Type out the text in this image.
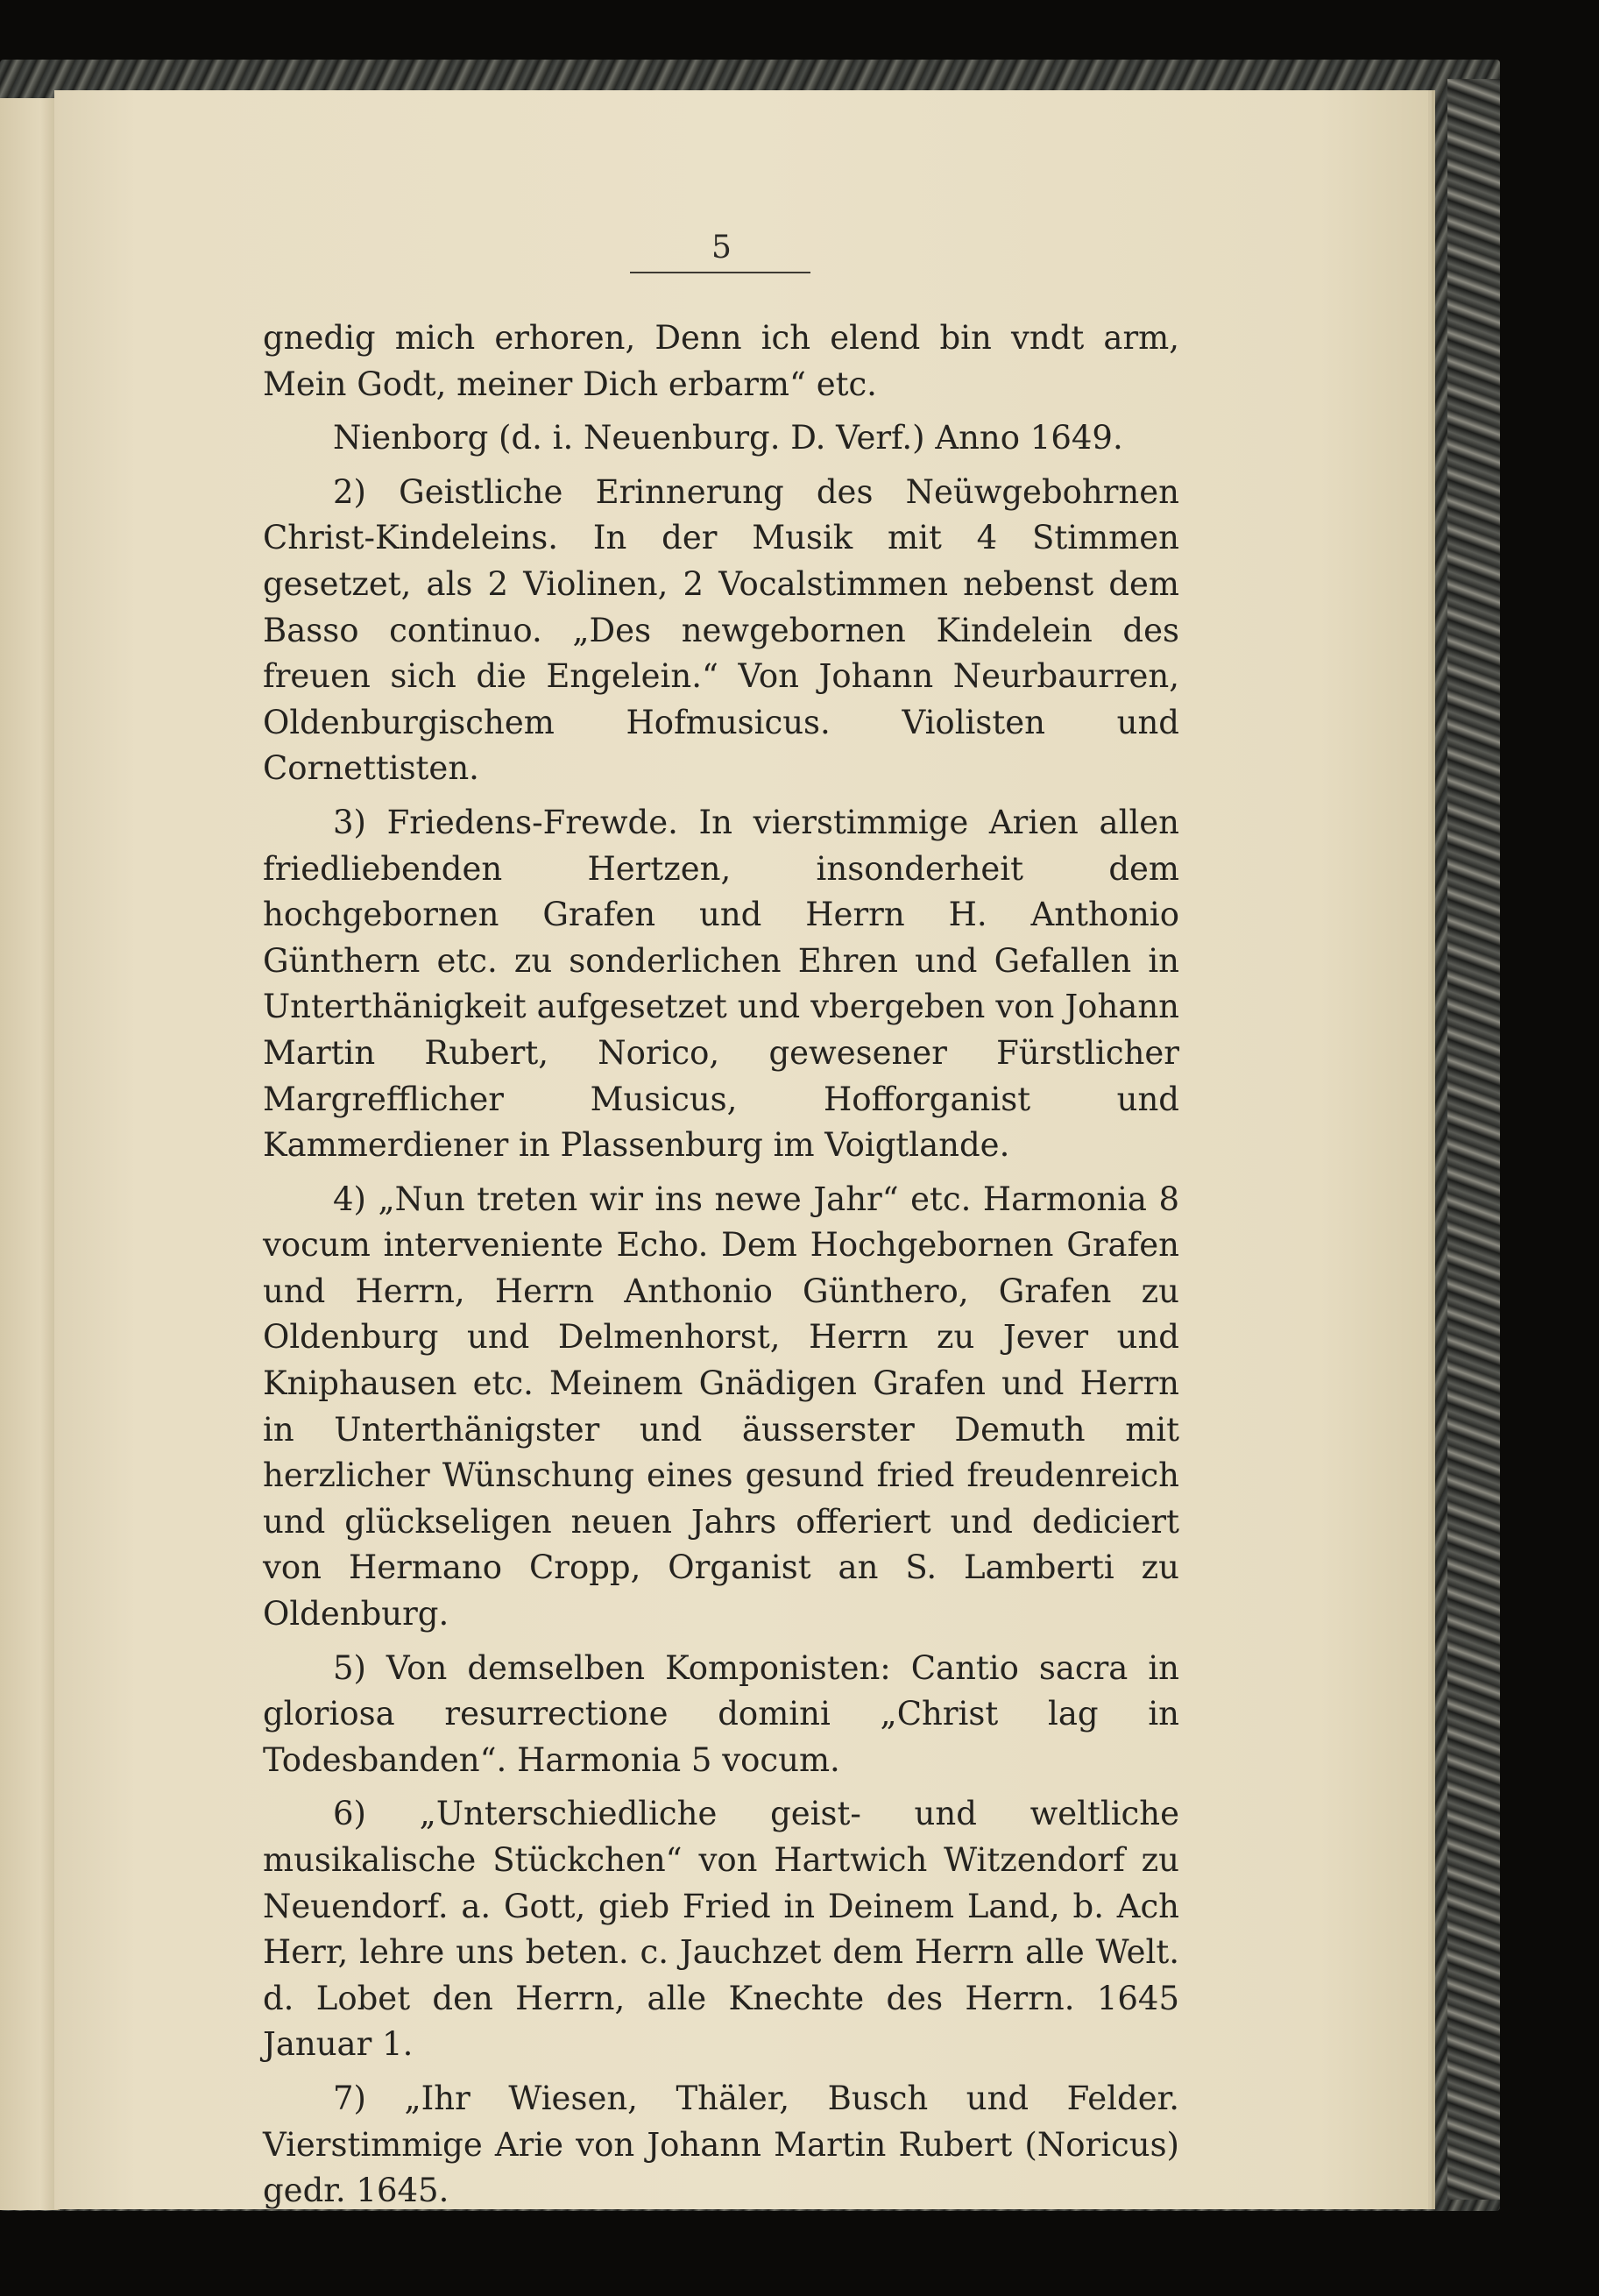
5

gnedig mich erhoren, Denn ich elend bin vndt arm, Mein Godt, meiner Dich erbarm“ etc.

Nienborg (d. i. Neuenburg. D. Verf.) Anno 1649.

2) Geistliche Erinnerung des Neüwgebohrnen Christ-Kindeleins. In der Musik mit 4 Stimmen gesetzet, als 2 Violinen, 2 Vocalstimmen nebenst dem Basso continuo. „Des newgebornen Kindelein des freuen sich die Engelein.“ Von Johann Neurbaurren, Oldenburgischem Hofmusicus. Violisten und Cornettisten.

3) Friedens-Frewde. In vierstimmige Arien allen friedliebenden Hertzen, insonderheit dem hochgebornen Grafen und Herrn H. Anthonio Günthern etc. zu sonderlichen Ehren und Gefallen in Unterthänigkeit aufgesetzet und vbergeben von Johann Martin Rubert, Norico, gewesener Fürstlicher Margrefflicher Musicus, Hofforganist und Kammerdiener in Plassenburg im Voigtlande.

4) „Nun treten wir ins newe Jahr“ etc. Harmonia 8 vocum interveniente Echo. Dem Hochgebornen Grafen und Herrn, Herrn Anthonio Günthero, Grafen zu Oldenburg und Delmenhorst, Herrn zu Jever und Kniphausen etc. Meinem Gnädigen Grafen und Herrn in Unterthänigster und äusserster Demuth mit herzlicher Wünschung eines gesund fried freudenreich und glückseligen neuen Jahrs offeriert und dediciert von Hermano Cropp, Organist an S. Lamberti zu Oldenburg.

5) Von demselben Komponisten: Cantio sacra in gloriosa resurrectione domini „Christ lag in Todesbanden“. Harmonia 5 vocum.

6) „Unterschiedliche geist- und weltliche musikalische Stückchen“ von Hartwich Witzendorf zu Neuendorf. a. Gott, gieb Fried in Deinem Land, b. Ach Herr, lehre uns beten. c. Jauchzet dem Herrn alle Welt. d. Lobet den Herrn, alle Knechte des Herrn. 1645 Januar 1.

7) „Ihr Wiesen, Thäler, Busch und Felder. Vierstimmige Arie von Johann Martin Rubert (Noricus) gedr. 1645.
